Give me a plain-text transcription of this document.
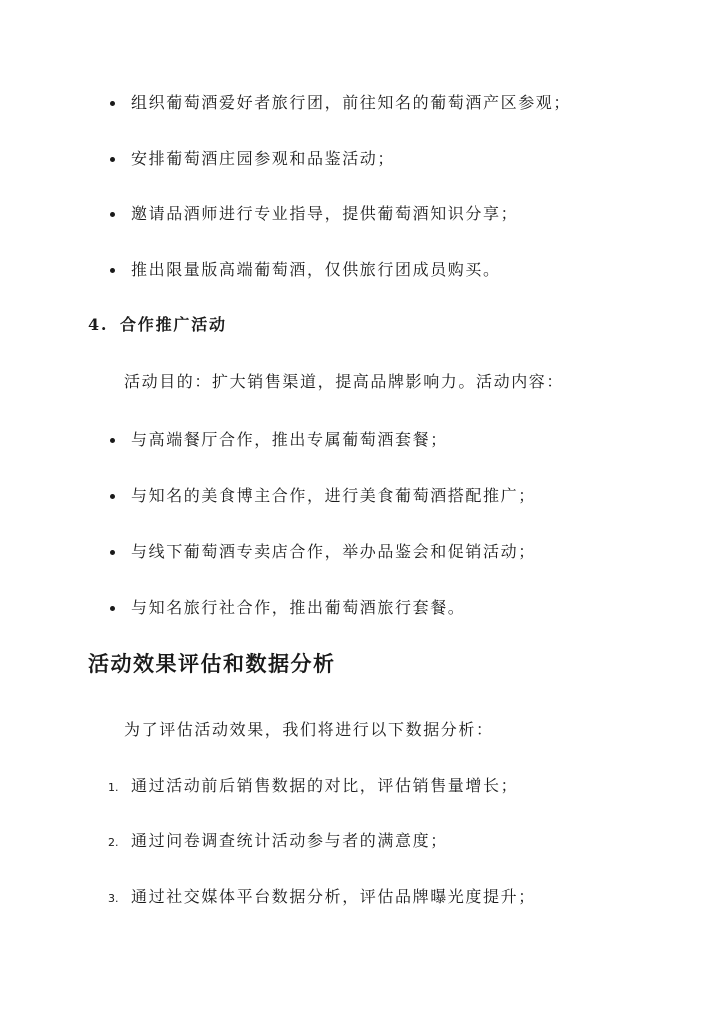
组织葡萄酒爱好者旅行团，前往知名的葡萄酒产区参观；
安排葡萄酒庄园参观和品鉴活动；
邀请品酒师进行专业指导，提供葡萄酒知识分享；
推出限量版高端葡萄酒，仅供旅行团成员购买。
4. 合作推广活动
活动目的：扩大销售渠道，提高品牌影响力。活动内容：
与高端餐厅合作，推出专属葡萄酒套餐；
与知名的美食博主合作，进行美食葡萄酒搭配推广；
与线下葡萄酒专卖店合作，举办品鉴会和促销活动；
与知名旅行社合作，推出葡萄酒旅行套餐。
活动效果评估和数据分析
为了评估活动效果，我们将进行以下数据分析：
1. 通过活动前后销售数据的对比，评估销售量增长；
2. 通过问卷调查统计活动参与者的满意度；
3. 通过社交媒体平台数据分析，评估品牌曝光度提升；
